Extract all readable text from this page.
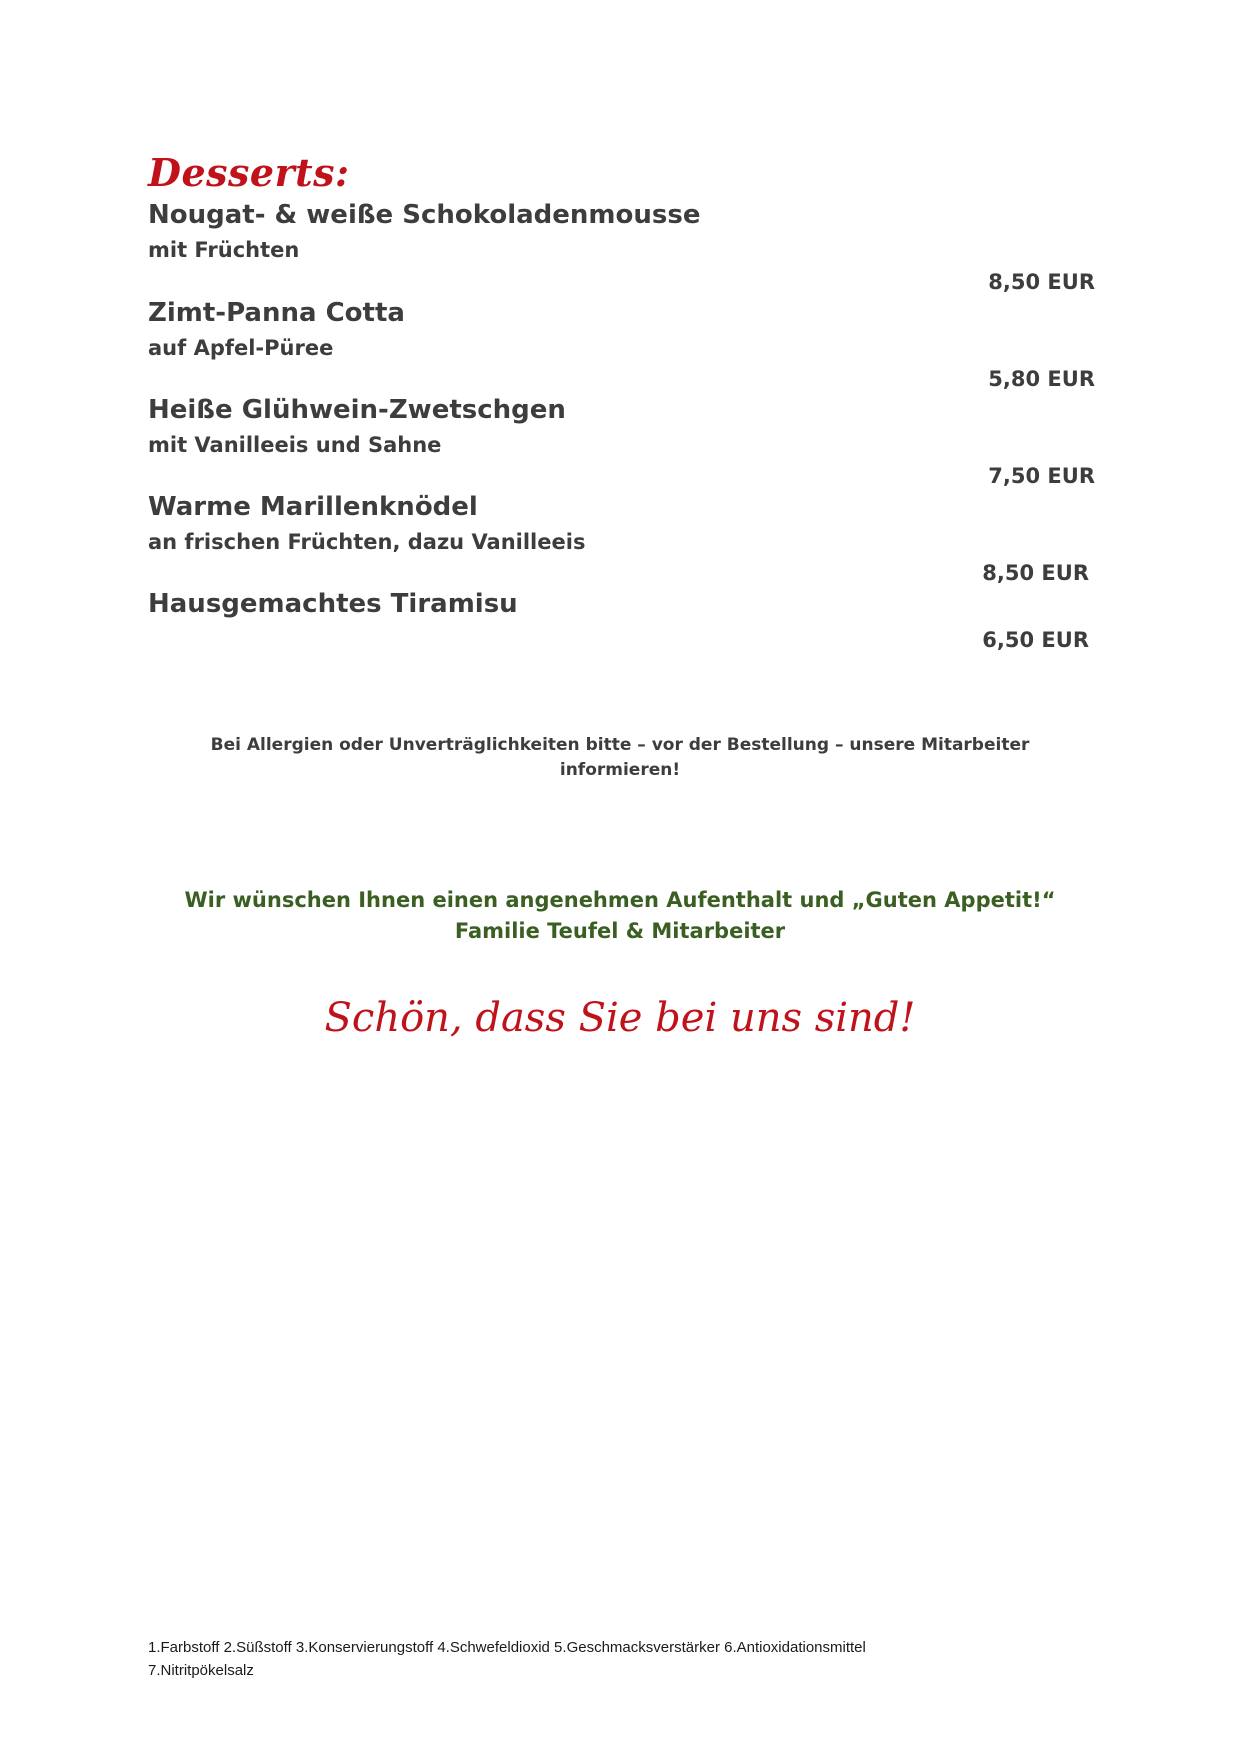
Desserts:
Nougat- & weiße Schokoladenmousse
mit Früchten
8,50 EUR
Zimt-Panna Cotta
auf Apfel-Püree
5,80 EUR
Heiße Glühwein-Zwetschgen
mit Vanilleeis und Sahne
7,50 EUR
Warme Marillenknödel
an frischen Früchten, dazu Vanilleeis
8,50 EUR
Hausgemachtes Tiramisu
6,50 EUR
Bei Allergien oder Unverträglichkeiten bitte – vor der Bestellung – unsere Mitarbeiter
informieren!
Wir wünschen Ihnen einen angenehmen Aufenthalt und „Guten Appetit!“
Familie Teufel & Mitarbeiter
Schön, dass Sie bei uns sind!
1.Farbstoff 2.Süßstoff 3.Konservierungstoff 4.Schwefeldioxid 5.Geschmacksverstärker 6.Antioxidationsmittel
7.Nitritpökelsalz
